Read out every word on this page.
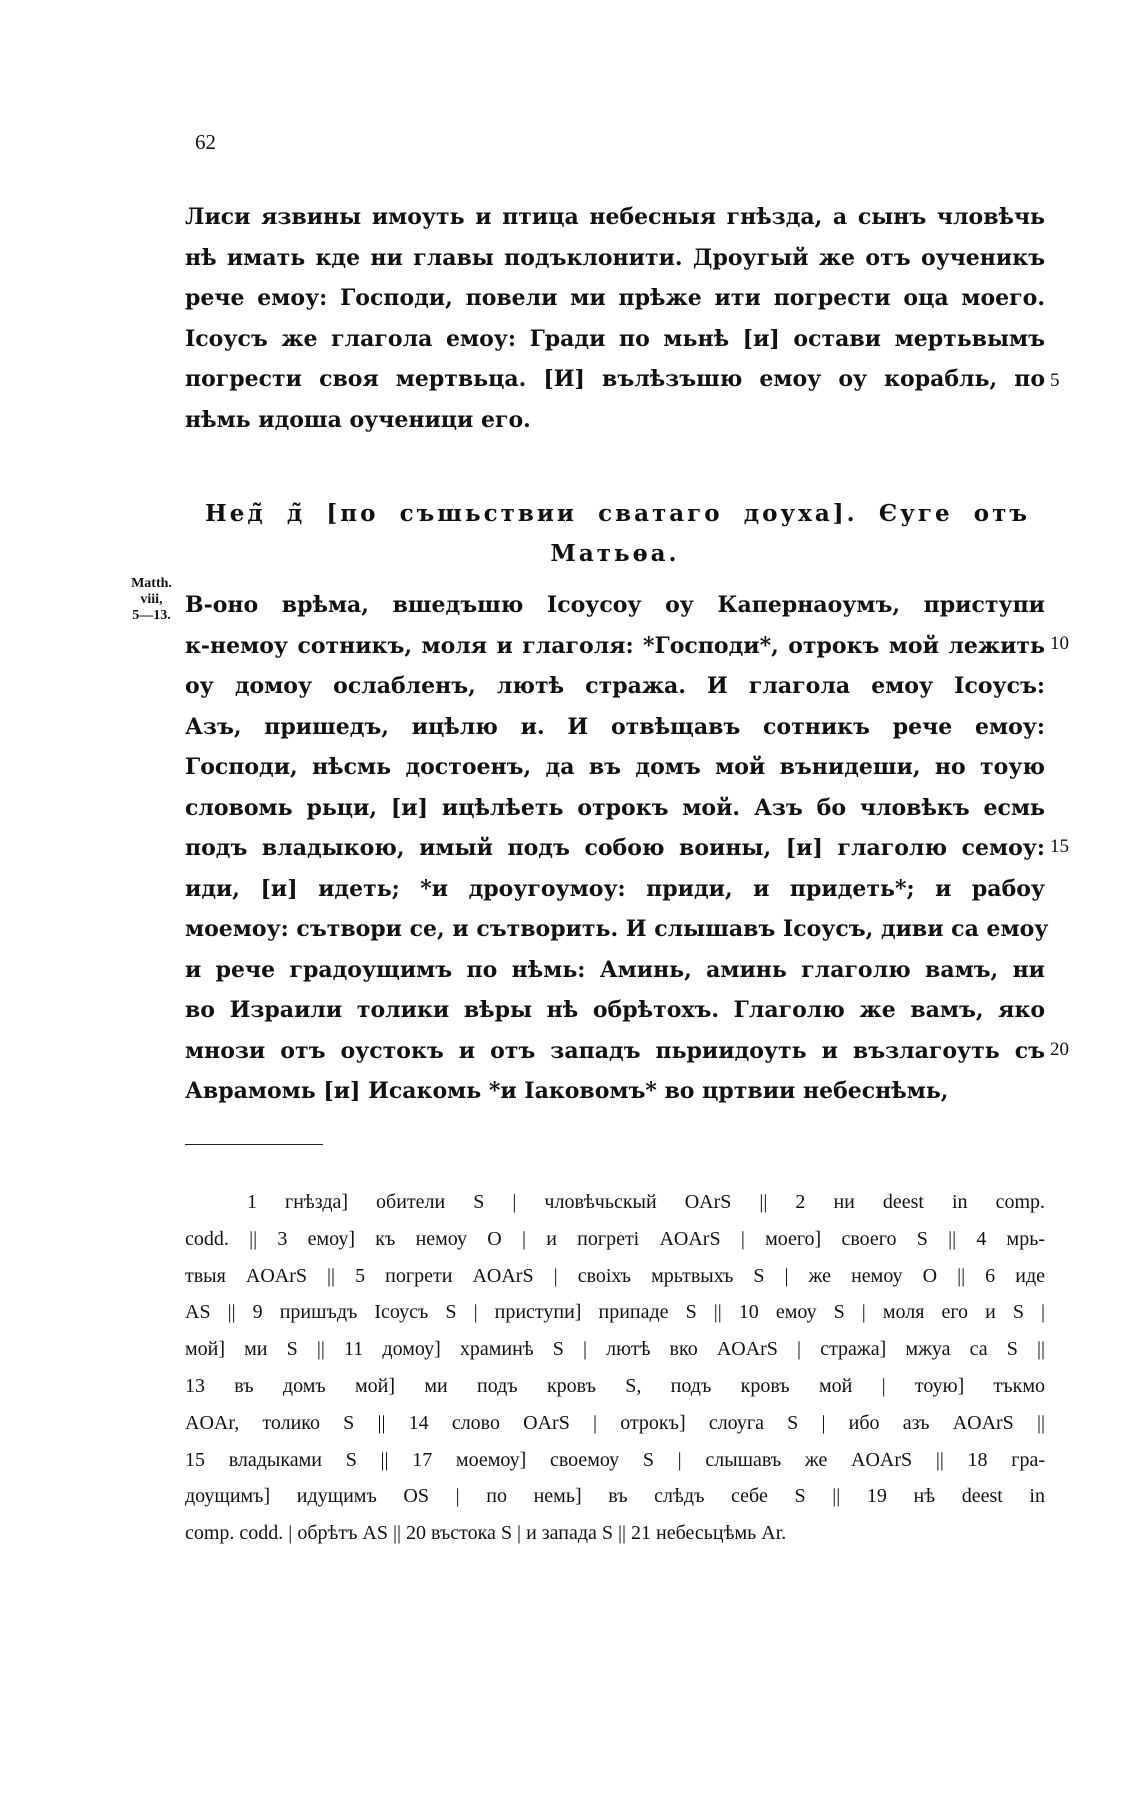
62
Лиси язвины имоуть и птица небесныя гнѣзда, а сынъ чловѣчь
нѣ имать кде ни главы подъклонити. Дроугый же отъ оученикъ
рече емоу: Господи, повели ми прѣже ити погрести оца моего.
Ісоусъ же глагола емоу: Гради по мьнѣ [и] остави мертьвымъ
погрести своя мертвьца. [И] вълѣзъшю емоу оу корабль, по
нѣмь идоша оученици его.
5
Нед̃ д̃ [по съшьствии сватаго доуха]. Єуге отъ
Матьѳа.
Matth.
viii,
5—13. В-оно врѣма, вшедъшю Ісоусоу оу Капернаоумъ, приступи
к-немоу сотникъ, моля и глаголя: *Господи*, отрокъ мой лежить
оу домоу ослабленъ, лютѣ стража. И глагола емоу Ісоусъ:
Азъ, пришедъ, ицѣлю и. И отвѣщавъ сотникъ рече емоу:
Господи, нѣсмь достоенъ, да въ домъ мой вънидеши, но тоую
словомь рьци, [и] ицѣлѣеть отрокъ мой. Азъ бо чловѣкъ есмь
подъ владыкою, имый подъ собою воины, [и] глаголю семоу:
иди, [и] идеть; *и дроугоумоу: приди, и придеть*; и рабоу
моемоу: сътвори се, и сътворить. И слышавъ Ісоусъ, диви са емоу
и рече градоущимъ по нѣмь: Аминь, аминь глаголю вамъ, ни
во Израили толики вѣры нѣ обрѣтохъ. Глаголю же вамъ, яко
мнози отъ оустокъ и отъ западъ пьриидоуть и възлагоуть съ
Аврамомь [и] Исакомь *и Іаковомъ* во цртвии небеснѣмь,
10
15
20
1 гнѣзда] обители S | чловѣчьскый OArS || 2 ни deest in comp.
codd. || 3 емоу] къ немоу O | и погреті AOArS | моего] своего S || 4 мрь-
твыя AOArS || 5 погрети AOArS | своіхъ мрьтвыхъ S | же немоу O || 6 иде
AS || 9 пришъдъ Ісоусъ S | приступи] припаде S || 10 емоу S | моля его и S |
мой] ми S || 11 домоу] храминѣ S | лютѣ вко AOArS | стража] мжуа са S ||
13 въ домъ мой] ми подъ кровъ S, подъ кровъ мой | тоую] тъкмо
AOAr, толико S || 14 слово OArS | отрокъ] слоуга S | ибо азъ AOArS ||
15 владыками S || 17 моемоу] своемоу S | слышавъ же AOArS || 18 гра-
доущимъ] идущимъ OS | по немь] въ слѣдъ себе S || 19 нѣ deest in
comp. codd. | обрѣтъ AS || 20 въстока S | и запада S || 21 небесьцѣмь Ar.
